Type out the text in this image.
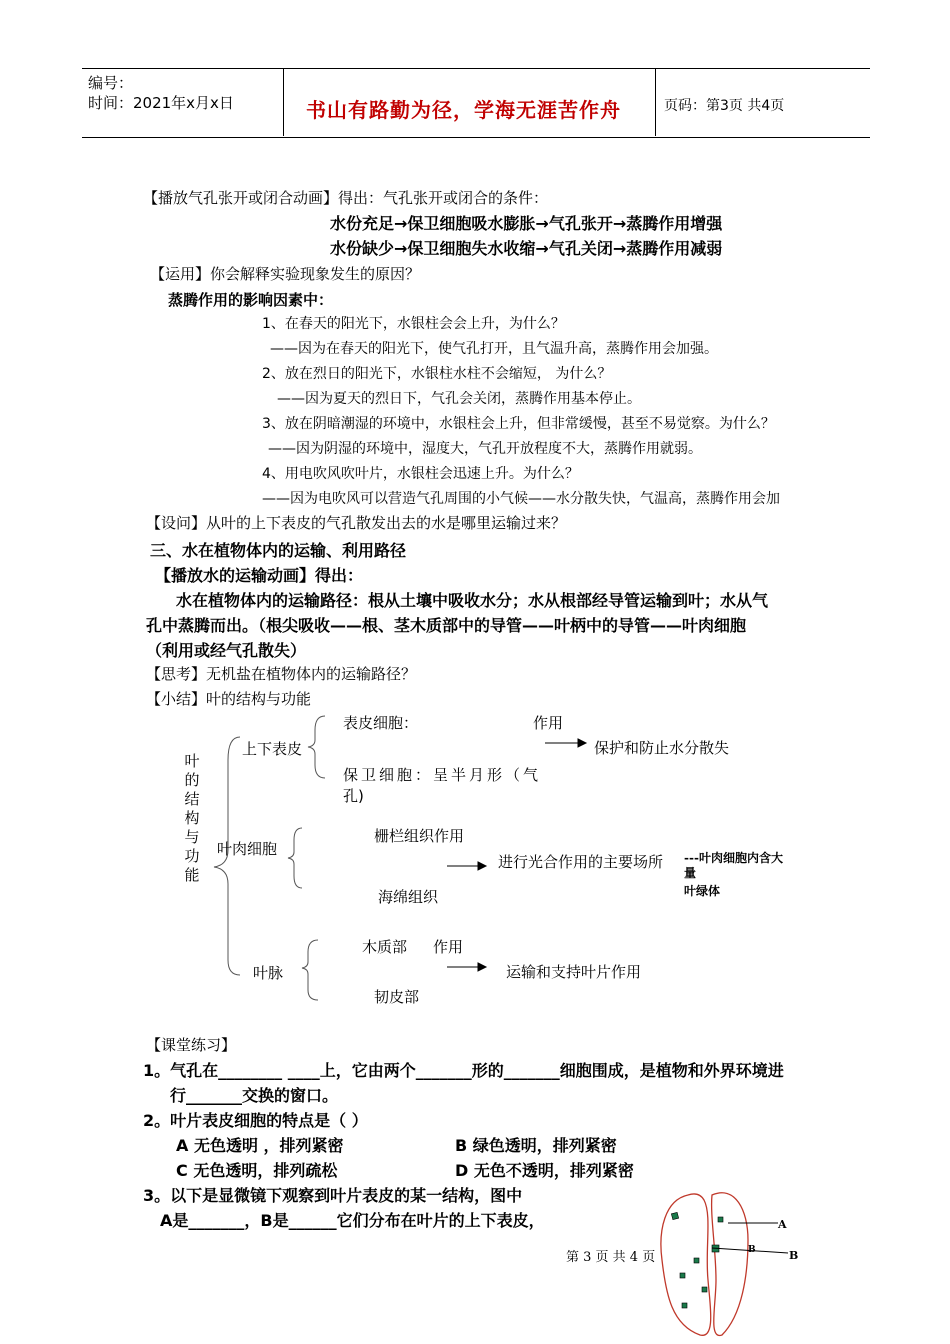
编号：
时间：2021年x月x日	书山有路勤为径，学海无涯苦作舟	页码：第3页 共4页
【播放气孔张开或闭合动画】得出：气孔张开或闭合的条件：
水份充足→保卫细胞吸水膨胀→气孔张开→蒸腾作用增强
水份缺少→保卫细胞失水收缩→气孔关闭→蒸腾作用减弱
【运用】你会解释实验现象发生的原因？
蒸腾作用的影响因素中：
1、在春天的阳光下，水银柱会会上升，为什么？
——因为在春天的阳光下，使气孔打开，且气温升高，蒸腾作用会加强。
2、放在烈日的阳光下，水银柱水柱不会缩短， 为什么？
——因为夏天的烈日下，气孔会关闭，蒸腾作用基本停止。
3、放在阴暗潮湿的环境中，水银柱会上升，但非常缓慢，甚至不易觉察。为什么？
——因为阴湿的环境中，湿度大，气孔开放程度不大，蒸腾作用就弱。
4、用电吹风吹叶片，水银柱会迅速上升。为什么？
——因为电吹风可以营造气孔周围的小气候——水分散失快，气温高，蒸腾作用会加
【设问】从叶的上下表皮的气孔散发出去的水是哪里运输过来？
三、水在植物体内的运输、利用路径
【播放水的运输动画】得出：
水在植物体内的运输路径：根从土壤中吸收水分；水从根部经导管运输到叶；水从气
孔中蒸腾而出。（根尖吸收——根、茎木质部中的导管——叶柄中的导管——叶肉细胞
（利用或经气孔散失）
【思考】无机盐在植物体内的运输路径？
【小结】叶的结构与功能
叶的结构与功能
上下表皮
表皮细胞：	作用
保护和防止水分散失
保卫细胞：呈半月形（气
孔)
叶肉细胞
栅栏组织作用
进行光合作用的主要场所
海绵组织
---叶肉细胞内含大
量
叶绿体
叶脉
木质部 作用
运输和支持叶片作用
韧皮部
【课堂练习】
1。气孔在________ ____上，它由两个_______形的_______细胞围成，是植物和外界环境进
行_______交换的窗口。
2。叶片表皮细胞的特点是（ ）
A 无色透明 ，排列紧密	B 绿色透明，排列紧密
C 无色透明，排列疏松	D 无色不透明，排列紧密
3。以下是显微镜下观察到叶片表皮的某一结构，图中
A是_______，B是______它们分布在叶片的上下表皮，	A
B	B
第 3 页 共 4 页
